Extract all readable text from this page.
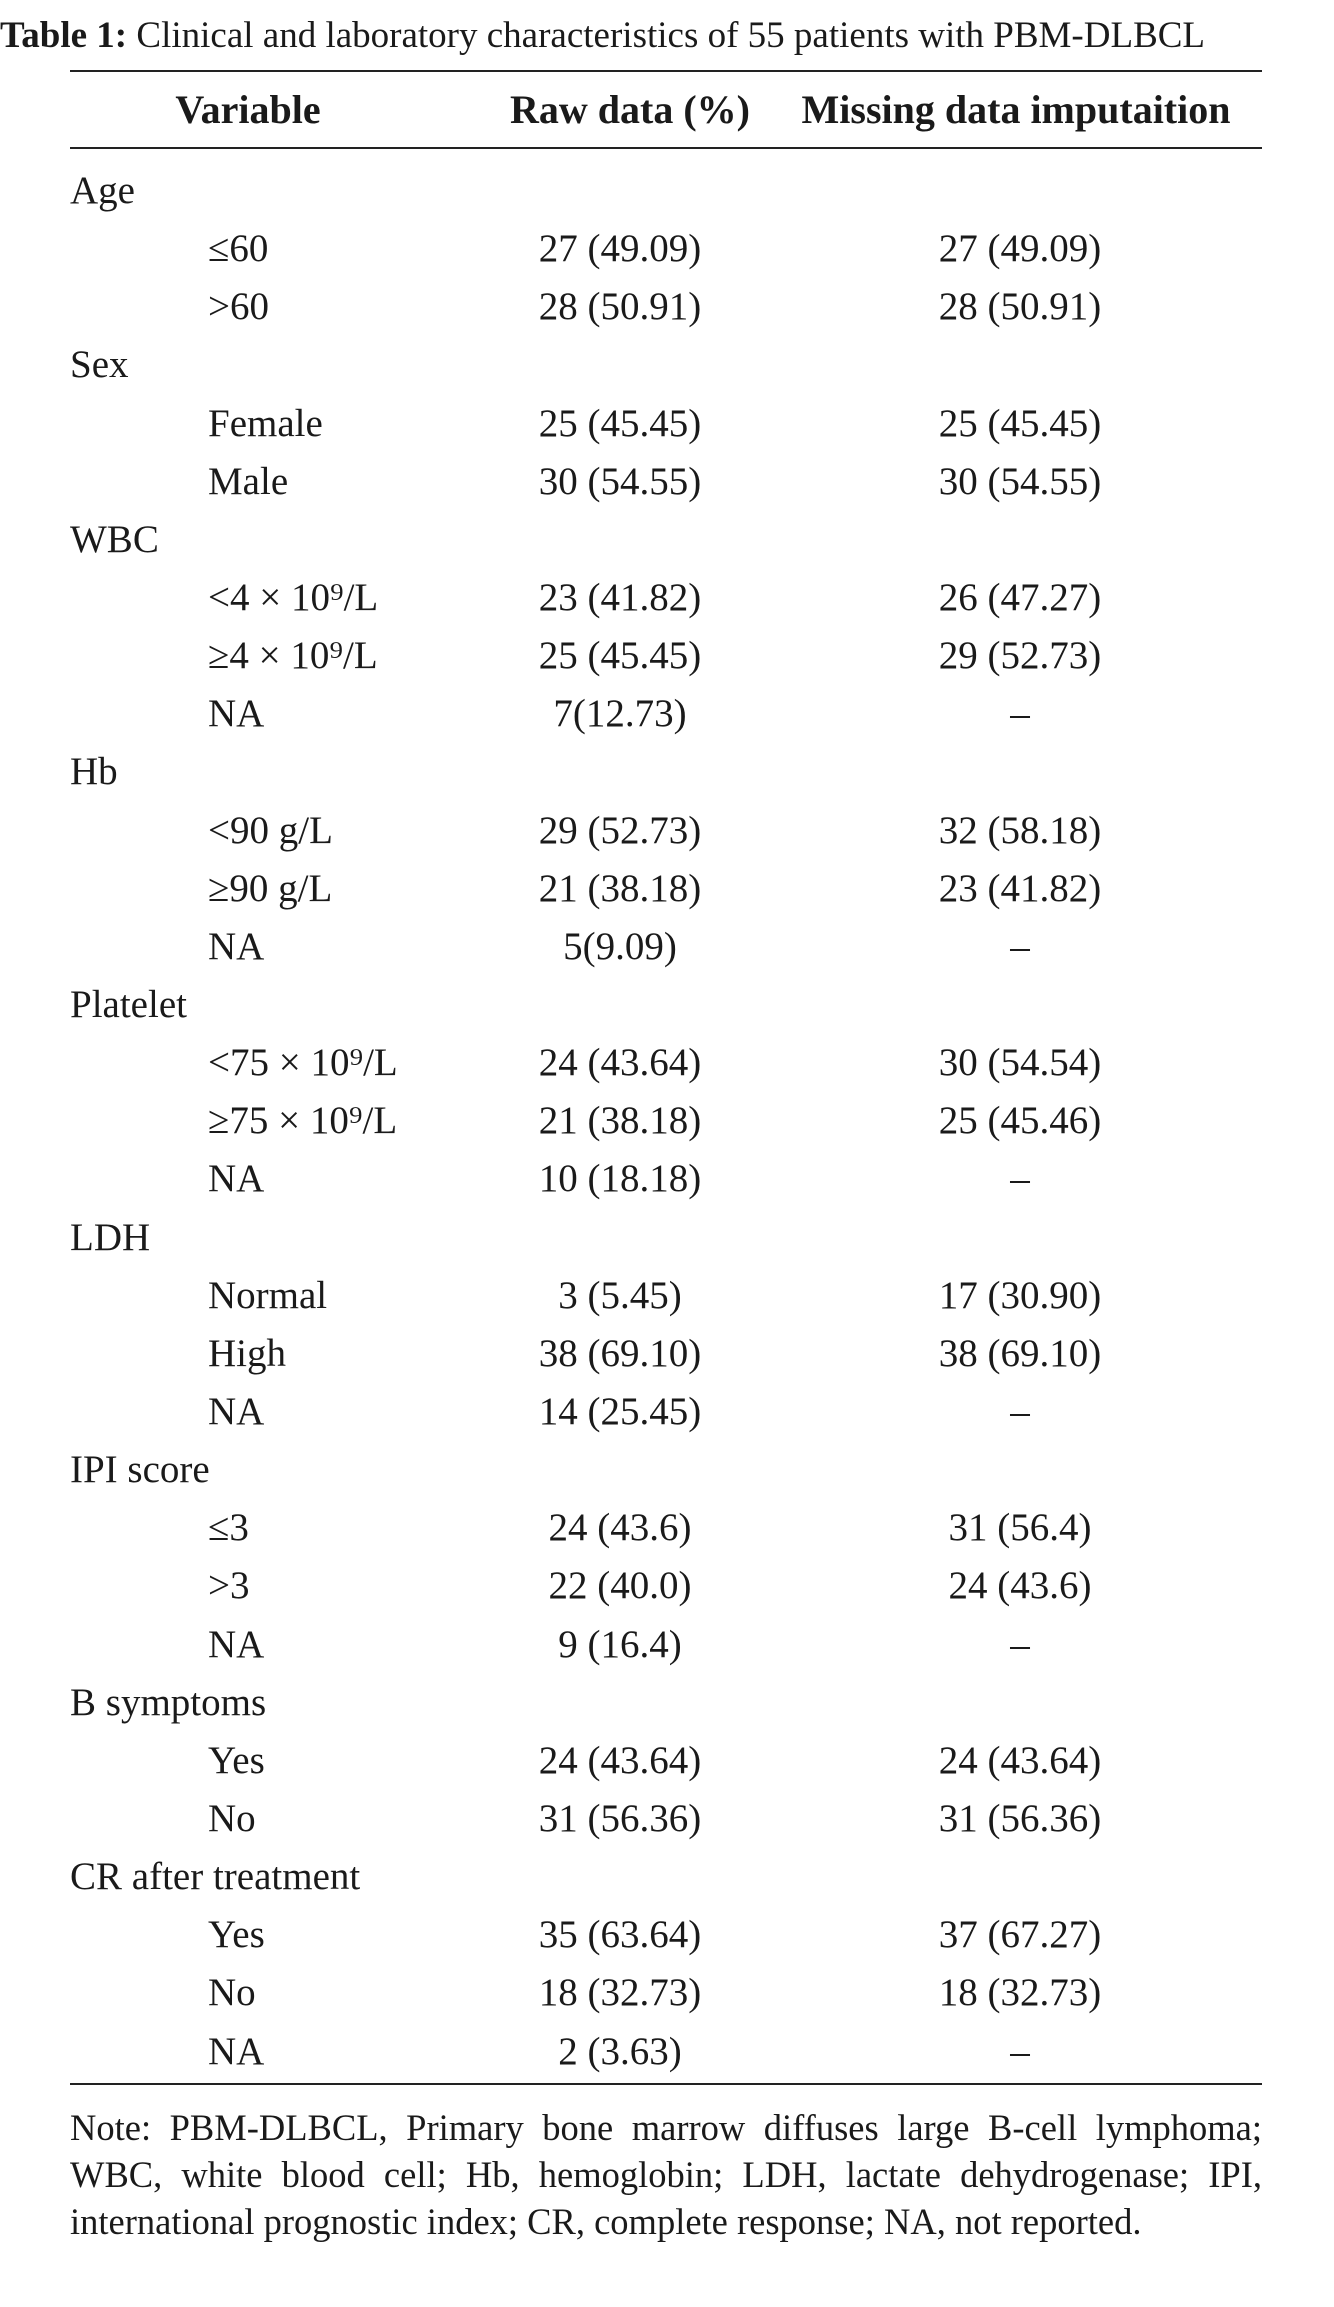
Table 1: Clinical and laboratory characteristics of 55 patients with PBM-DLBCL
Variable	Raw data (%)	Missing data imputaition
Age
≤60	27 (49.09)	27 (49.09)
>60	28 (50.91)	28 (50.91)
Sex
Female	25 (45.45)	25 (45.45)
Male	30 (54.55)	30 (54.55)
WBC
<4 × 10⁹/L	23 (41.82)	26 (47.27)
≥4 × 10⁹/L	25 (45.45)	29 (52.73)
NA	7(12.73)	–
Hb
<90 g/L	29 (52.73)	32 (58.18)
≥90 g/L	21 (38.18)	23 (41.82)
NA	5(9.09)	–
Platelet
<75 × 10⁹/L	24 (43.64)	30 (54.54)
≥75 × 10⁹/L	21 (38.18)	25 (45.46)
NA	10 (18.18)	–
LDH
Normal	3 (5.45)	17 (30.90)
High	38 (69.10)	38 (69.10)
NA	14 (25.45)	–
IPI score
≤3	24 (43.6)	31 (56.4)
>3	22 (40.0)	24 (43.6)
NA	9 (16.4)	–
B symptoms
Yes	24 (43.64)	24 (43.64)
No	31 (56.36)	31 (56.36)
CR after treatment
Yes	35 (63.64)	37 (67.27)
No	18 (32.73)	18 (32.73)
NA	2 (3.63)	–
Note: PBM-DLBCL, Primary bone marrow diffuses large B-cell lymphoma; WBC, white blood cell; Hb, hemoglobin; LDH, lactate dehydrogenase; IPI, international prognostic index; CR, complete response; NA, not reported.
